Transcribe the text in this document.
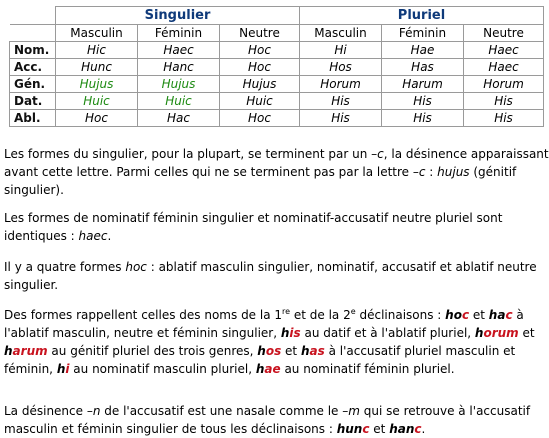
	Singulier			Pluriel		
	Masculin	Féminin	Neutre	Masculin	Féminin	Neutre
Nom.	Hic	Haec	Hoc	Hi	Hae	Haec
Acc.	Hunc	Hanc	Hoc	Hos	Has	Haec
Gén.	Hujus	Hujus	Hujus	Horum	Harum	Horum
Dat.	Huic	Huic	Huic	His	His	His
Abl.	Hoc	Hac	Hoc	His	His	His

Les formes du singulier, pour la plupart, se terminent par un –c, la désinence apparaissant avant cette lettre. Parmi celles qui ne se terminent pas par la lettre –c : hujus (génitif singulier).

Les formes de nominatif féminin singulier et nominatif-accusatif neutre pluriel sont identiques : haec.

Il y a quatre formes hoc : ablatif masculin singulier, nominatif, accusatif et ablatif neutre singulier.

Des formes rappellent celles des noms de la 1re et de la 2e déclinaisons : hoc et hac à l'ablatif masculin, neutre et féminin singulier, his au datif et à l'ablatif pluriel, horum et harum au génitif pluriel des trois genres, hos et has à l'accusatif pluriel masculin et féminin, hi au nominatif masculin pluriel, hae au nominatif féminin pluriel.

La désinence –n de l'accusatif est une nasale comme le –m qui se retrouve à l'accusatif masculin et féminin singulier de tous les déclinaisons : hunc et hanc.
